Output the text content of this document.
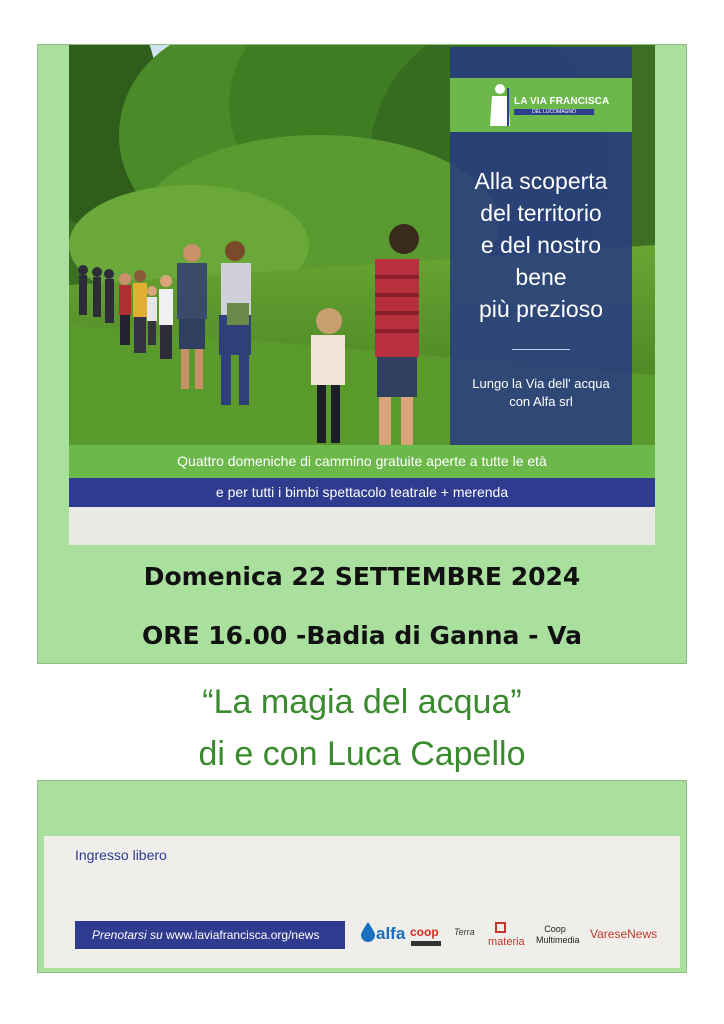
LA VIA FRANCISCA
DEL LUCOMAGNO
Alla scoperta
del territorio
e del nostro
bene
più prezioso
Lungo la Via dell' acqua
con Alfa srl
Quattro domeniche di cammino gratuite aperte a tutte le età
e per tutti i bimbi spettacolo teatrale + merenda
Domenica 22 SETTEMBRE 2024
ORE 16.00 -Badia di Ganna - Va
“La magia del acqua”
di e con Luca Capello
Ingresso libero
Prenotarsi su www.laviafrancisca.org/news	alfa coop Terra
materia
Coop
Multimedia VareseNews
